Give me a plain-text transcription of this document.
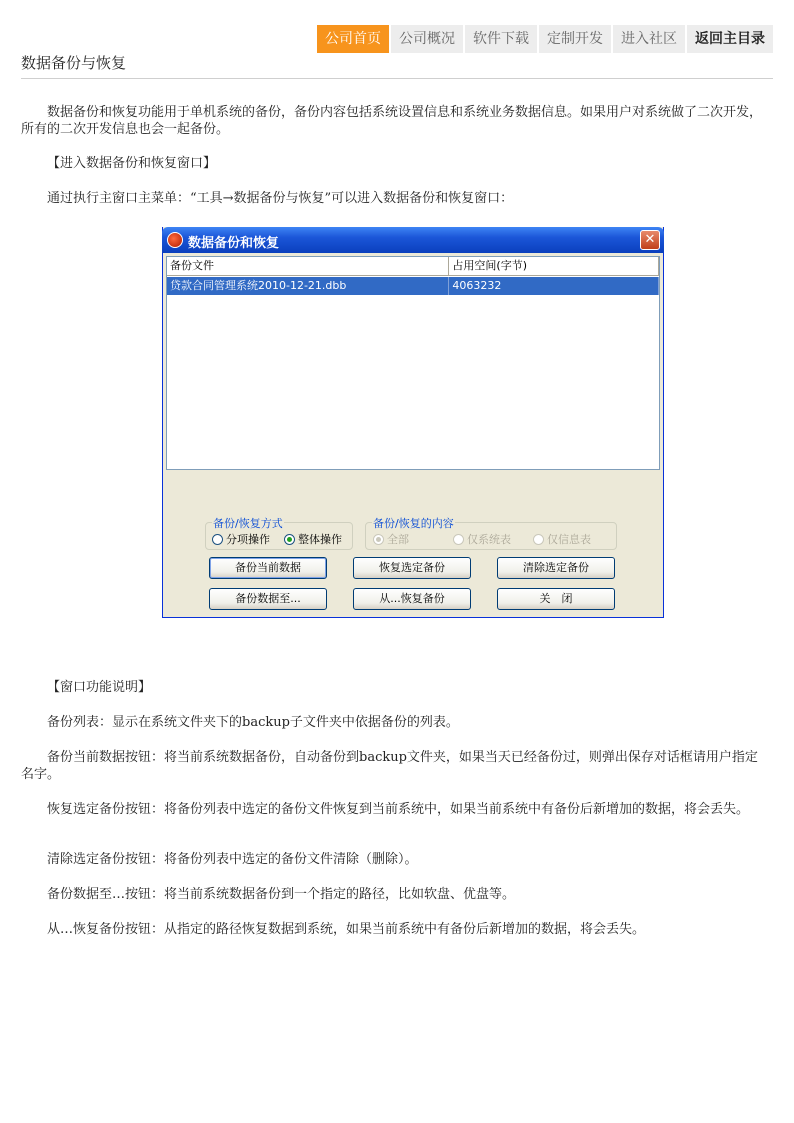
公司首页	公司概况	软件下载	定制开发	进入社区	返回主目录
数据备份与恢复

数据备份和恢复功能用于单机系统的备份，备份内容包括系统设置信息和系统业务数据信息。如果用户对系统做了二次开发，所有的二次开发信息也会一起备份。

【进入数据备份和恢复窗口】

通过执行主窗口主菜单：“工具→数据备份与恢复”可以进入数据备份和恢复窗口：

数据备份和恢复	✕
备份文件	占用空间(字节)
贷款合同管理系统2010-12-21.dbb	4063232
备份/恢复方式
分项操作	整体操作
备份/恢复的内容
全部	仅系统表	仅信息表
备份当前数据	恢复选定备份	清除选定备份
备份数据至...	从...恢复备份	关　闭

【窗口功能说明】

备份列表：显示在系统文件夹下的backup子文件夹中依据备份的列表。

备份当前数据按钮：将当前系统数据备份，自动备份到backup文件夹，如果当天已经备份过，则弹出保存对话框请用户指定名字。

恢复选定备份按钮：将备份列表中选定的备份文件恢复到当前系统中，如果当前系统中有备份后新增加的数据，将会丢失。

清除选定备份按钮：将备份列表中选定的备份文件清除（删除）。

备份数据至…按钮：将当前系统数据备份到一个指定的路径，比如软盘、优盘等。

从…恢复备份按钮：从指定的路径恢复数据到系统，如果当前系统中有备份后新增加的数据，将会丢失。
